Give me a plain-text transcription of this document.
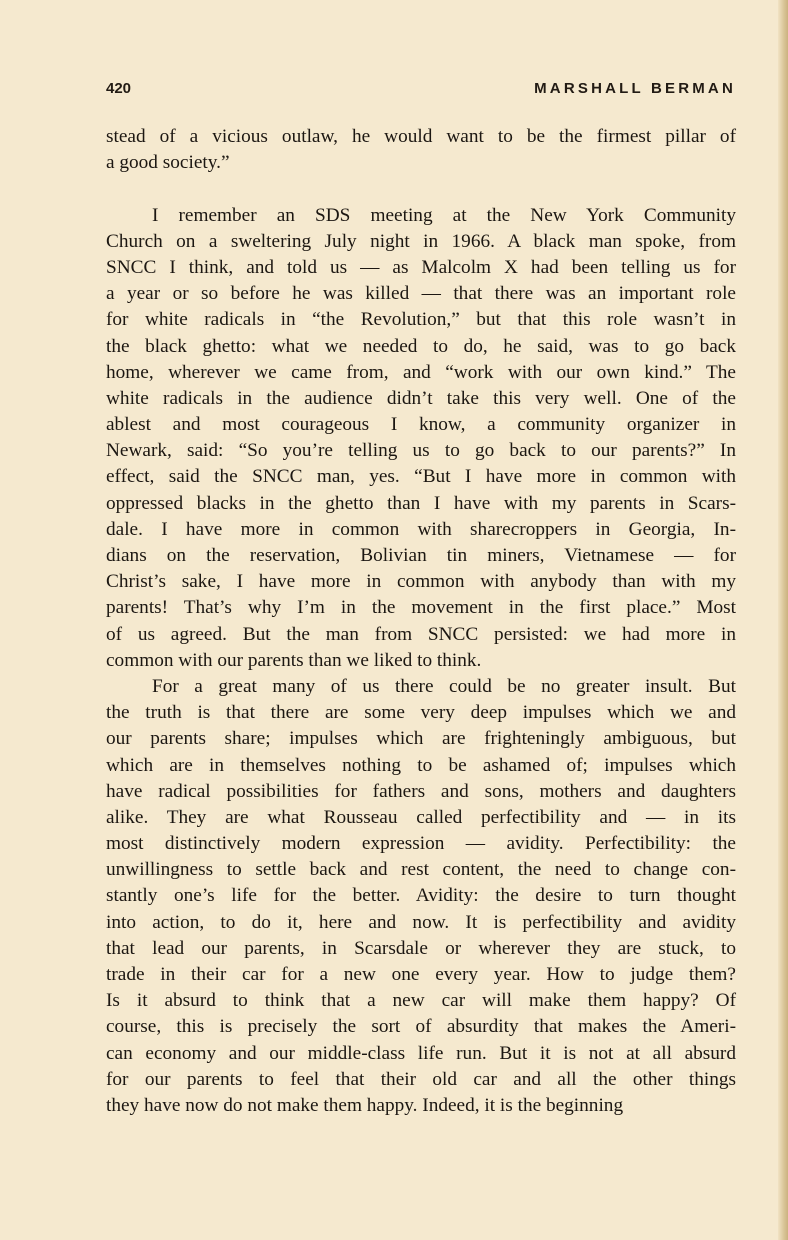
420	MARSHALL BERMAN
stead of a vicious outlaw, he would want to be the firmest pillar of
a good society.”
I remember an SDS meeting at the New York Community
Church on a sweltering July night in 1966. A black man spoke, from
SNCC I think, and told us — as Malcolm X had been telling us for
a year or so before he was killed — that there was an important role
for white radicals in “the Revolution,” but that this role wasn’t in
the black ghetto: what we needed to do, he said, was to go back
home, wherever we came from, and “work with our own kind.” The
white radicals in the audience didn’t take this very well. One of the
ablest and most courageous I know, a community organizer in
Newark, said: “So you’re telling us to go back to our parents?” In
effect, said the SNCC man, yes. “But I have more in common with
oppressed blacks in the ghetto than I have with my parents in Scars-
dale. I have more in common with sharecroppers in Georgia, In-
dians on the reservation, Bolivian tin miners, Vietnamese — for
Christ’s sake, I have more in common with anybody than with my
parents! That’s why I’m in the movement in the first place.” Most
of us agreed. But the man from SNCC persisted: we had more in
common with our parents than we liked to think.
For a great many of us there could be no greater insult. But
the truth is that there are some very deep impulses which we and
our parents share; impulses which are frighteningly ambiguous, but
which are in themselves nothing to be ashamed of; impulses which
have radical possibilities for fathers and sons, mothers and daughters
alike. They are what Rousseau called perfectibility and — in its
most distinctively modern expression — avidity. Perfectibility: the
unwillingness to settle back and rest content, the need to change con-
stantly one’s life for the better. Avidity: the desire to turn thought
into action, to do it, here and now. It is perfectibility and avidity
that lead our parents, in Scarsdale or wherever they are stuck, to
trade in their car for a new one every year. How to judge them?
Is it absurd to think that a new car will make them happy? Of
course, this is precisely the sort of absurdity that makes the Ameri-
can economy and our middle-class life run. But it is not at all absurd
for our parents to feel that their old car and all the other things
they have now do not make them happy. Indeed, it is the beginning
